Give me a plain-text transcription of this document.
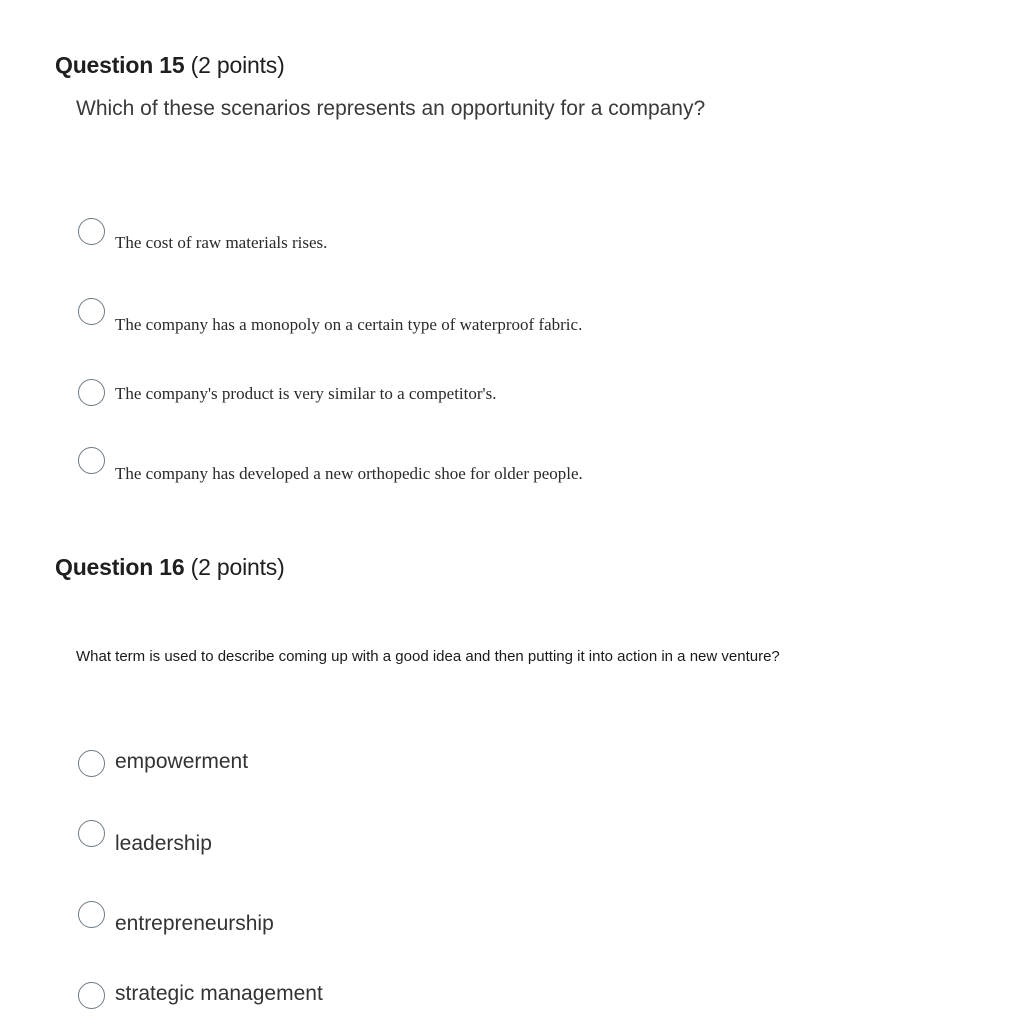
Question 15 (2 points)
Which of these scenarios represents an opportunity for a company?
The cost of raw materials rises.
The company has a monopoly on a certain type of waterproof fabric.
The company's product is very similar to a competitor's.
The company has developed a new orthopedic shoe for older people.
Question 16 (2 points)
What term is used to describe coming up with a good idea and then putting it into action in a new venture?
empowerment
leadership
entrepreneurship
strategic management
